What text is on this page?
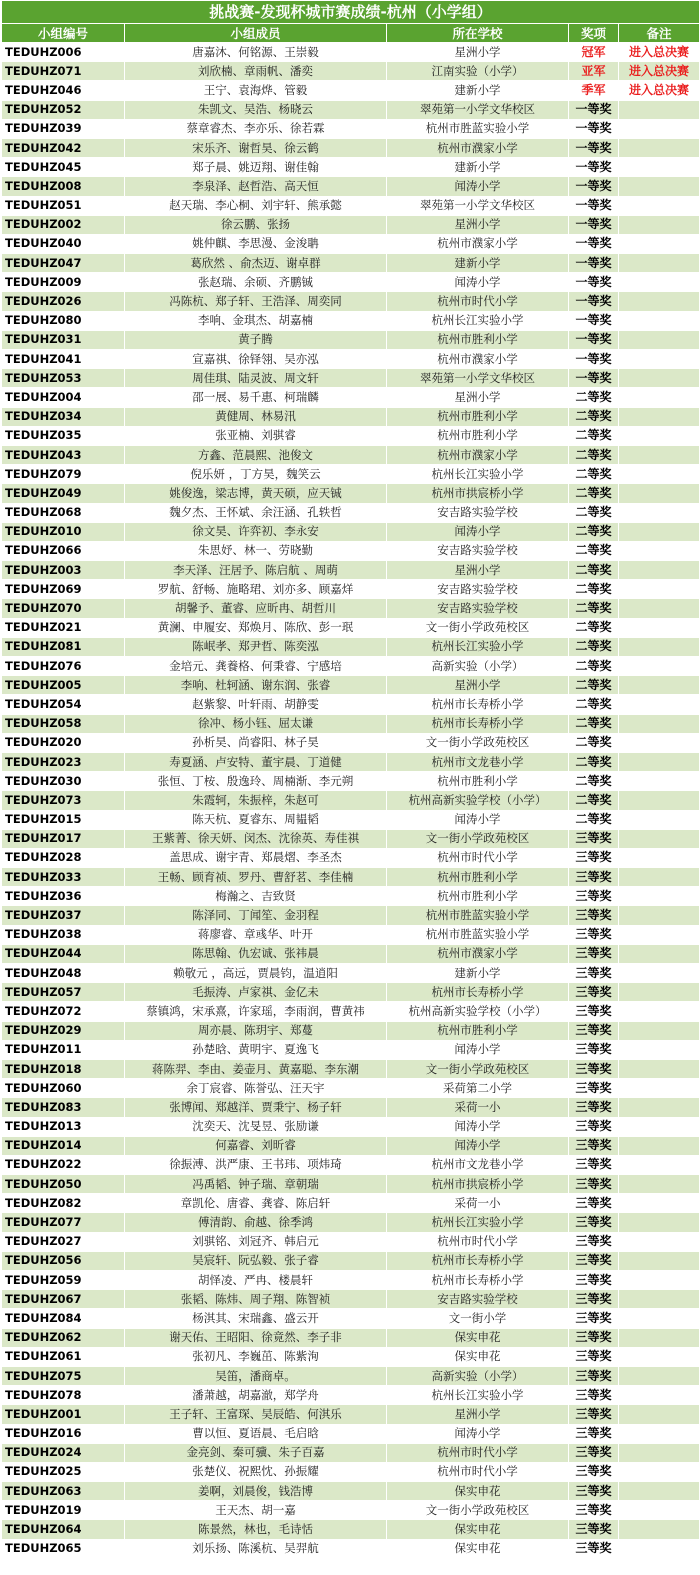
挑战赛-发现杯城市赛成绩-杭州（小学组）				
小组编号	小组成员	所在学校	奖项	备注
TEDUHZ006	唐嘉沐、何铭源、王崇毅	星洲小学	冠军	进入总决赛
TEDUHZ071	刘欣楠、章雨帆、潘奕	江南实验（小学）	亚军	进入总决赛
TEDUHZ046	王宁、袁海烨、管毅	建新小学	季军	进入总决赛
TEDUHZ052	朱凯文、吴浩、杨晓云	翠苑第一小学文华校区	一等奖	
TEDUHZ039	蔡章睿杰、李亦乐、徐若霖	杭州市胜蓝实验小学	一等奖	
TEDUHZ042	宋乐齐、谢哲昊、徐云鹤	杭州市濮家小学	一等奖	
TEDUHZ045	郑子晨、姚迈翔、谢佳翰	建新小学	一等奖	
TEDUHZ008	李泉泽、赵哲浩、高天恒	闻涛小学	一等奖	
TEDUHZ051	赵天瑞、李心桐、刘宇轩、熊承懿	翠苑第一小学文华校区	一等奖	
TEDUHZ002	徐云鹏、张扬	星洲小学	一等奖	
TEDUHZ040	姚仲麒、李思漫、金浚聃	杭州市濮家小学	一等奖	
TEDUHZ047	葛欣然 、俞杰迈、谢卓群	建新小学	一等奖	
TEDUHZ009	张赵瑞、余硕、齐鹏铖	闻涛小学	一等奖	
TEDUHZ026	冯陈杭、郑子轩、王浩泽、周奕同	杭州市时代小学	一等奖	
TEDUHZ080	李响、金琪杰、胡嘉楠	杭州长江实验小学	一等奖	
TEDUHZ031	黄子腾	杭州市胜利小学	一等奖	
TEDUHZ041	宣嘉祺、徐铎翎、吴亦泓	杭州市濮家小学	一等奖	
TEDUHZ053	周佳琪、陆灵波、周文轩	翠苑第一小学文华校区	一等奖	
TEDUHZ004	邵一展、易千惠、柯瑞麟	星洲小学	二等奖	
TEDUHZ034	黄健周、林易汛	杭州市胜利小学	二等奖	
TEDUHZ035	张亚楠、刘骐睿	杭州市胜利小学	二等奖	
TEDUHZ043	方鑫、范晨熙、池俊文	杭州市濮家小学	二等奖	
TEDUHZ079	倪乐妍 ，丁方昊，魏笑云	杭州长江实验小学	二等奖	
TEDUHZ049	姚俊逸，梁志博，黄天硕，应天铖	杭州市拱宸桥小学	二等奖	
TEDUHZ068	魏夕杰、王怀斌、余汪涵、孔轶哲	安吉路实验学校	二等奖	
TEDUHZ010	徐文昊、许弈初、李永安	闻涛小学	二等奖	
TEDUHZ066	朱思妤、林一、劳晓勤	安吉路实验学校	二等奖	
TEDUHZ003	李天泽、汪居予、陈启航 、周萌	星洲小学	二等奖	
TEDUHZ069	罗航、舒畅、施略珺、刘亦多、顾嘉烊	安吉路实验学校	二等奖	
TEDUHZ070	胡馨予、董睿、应昕冉、胡哲川	安吉路实验学校	二等奖	
TEDUHZ021	黄澜、申履安、郑焕月、陈欣、彭一珉	文一街小学政苑校区	二等奖	
TEDUHZ081	陈岷孝、郑尹哲、陈奕泓	杭州长江实验小学	二等奖	
TEDUHZ076	金培元、龚養格、何秉睿、宁感培	高新实验（小学）	二等奖	
TEDUHZ005	李响、杜轲涵、谢东润、张睿	星洲小学	二等奖	
TEDUHZ054	赵紫黎、叶轩雨、胡静雯	杭州市长寿桥小学	二等奖	
TEDUHZ058	徐冲、杨小钰、屈太谦	杭州市长寿桥小学	二等奖	
TEDUHZ020	孙析昊、尚睿阳、林子昊	文一街小学政苑校区	二等奖	
TEDUHZ023	寿夏涵、卢安特、董宇晨、丁道健	杭州市文龙巷小学	二等奖	
TEDUHZ030	张恒、丁桉、殷逸玲、周楠渐、李元朔	杭州市胜利小学	二等奖	
TEDUHZ073	朱霞轲，朱振梓，朱赵可	杭州高新实验学校（小学）	二等奖	
TEDUHZ015	陈天杭、夏睿东、周韫韬	闻涛小学	二等奖	
TEDUHZ017	王紫菁、徐天妍、闵杰、沈徐英、寿佳祺	文一街小学政苑校区	三等奖	
TEDUHZ028	盖思成、谢宇青、郑晨熠、李圣杰	杭州市时代小学	三等奖	
TEDUHZ033	王畅、顾育祯、罗丹、曹舒茗、李佳楠	杭州市胜利小学	三等奖	
TEDUHZ036	梅瀚之、吉致贤	杭州市胜利小学	三等奖	
TEDUHZ037	陈泽同、丁闻笙、金羽程	杭州市胜蓝实验小学	三等奖	
TEDUHZ038	蒋廖睿、章彧华、叶开	杭州市胜蓝实验小学	三等奖	
TEDUHZ044	陈思翰、仇宏诚、张祎晨	杭州市濮家小学	三等奖	
TEDUHZ048	赖敬元 ，高远，贾晨钧，温逍阳	建新小学	三等奖	
TEDUHZ057	毛振涛、卢家祺、金亿未	杭州市长寿桥小学	三等奖	
TEDUHZ072	蔡镇鸿，宋承熹，许家瑶，李雨润，曹黄祎	杭州高新实验学校（小学）	三等奖	
TEDUHZ029	周亦晨、陈玥宇、郑蔓	杭州市胜利小学	三等奖	
TEDUHZ011	孙楚晗、黄明宇、夏逸飞	闻涛小学	三等奖	
TEDUHZ018	蒋陈羿、李由、姜壶月、黄嘉聪、李东潮	文一街小学政苑校区	三等奖	
TEDUHZ060	余丁宸睿、陈誉弘、汪天宇	采荷第二小学	三等奖	
TEDUHZ083	张博闻、郑越洋、贾秉宁、杨子轩	采荷一小	三等奖	
TEDUHZ013	沈奕天、沈旻昱、张励谦	闻涛小学	三等奖	
TEDUHZ014	何嘉睿、刘昕睿	闻涛小学	三等奖	
TEDUHZ022	徐振溥、洪严康、王书玮、项炜琦	杭州市文龙巷小学	三等奖	
TEDUHZ050	冯禹韬、钟子瑞、章朝瑞	杭州市拱宸桥小学	三等奖	
TEDUHZ082	章凯伦、唐睿、龚睿、陈启轩	采荷一小	三等奖	
TEDUHZ077	傅清韵、俞越、徐季鸿	杭州长江实验小学	三等奖	
TEDUHZ027	刘骐铭、刘冠齐、韩启元	杭州市时代小学	三等奖	
TEDUHZ056	吴宸轩、阮弘毅、张子睿	杭州市长寿桥小学	三等奖	
TEDUHZ059	胡怿凌、严冉、楼晨轩	杭州市长寿桥小学	三等奖	
TEDUHZ067	张韬、陈炜、周子翔、陈智祯	安吉路实验学校	三等奖	
TEDUHZ084	杨淇其、宋瑞鑫、盛云开	文一街小学	三等奖	
TEDUHZ062	谢天佑、王昭阳、徐竟然、李子非	保实申花	三等奖	
TEDUHZ061	张初凡、李巍茁、陈紫洵	保实申花	三等奖	
TEDUHZ075	吴笛，潘商卓。	高新实验（小学）	三等奖	
TEDUHZ078	潘萧越，胡嘉澈，郑学舟	杭州长江实验小学	三等奖	
TEDUHZ001	王子轩、王富琛、吴辰皓、何淇乐	星洲小学	三等奖	
TEDUHZ016	曹以恒、夏语晨、毛启晗	闻涛小学	三等奖	
TEDUHZ024	金亮剑、秦可骥、朱子百嘉	杭州市时代小学	三等奖	
TEDUHZ025	张楚仪、祝熙忱、孙振耀	杭州市时代小学	三等奖	
TEDUHZ063	姜啊，刘晨俊，钱浩博	保实申花	三等奖	
TEDUHZ019	王天杰、胡一嘉	文一街小学政苑校区	三等奖	
TEDUHZ064	陈景然，林也，毛诗恬	保实申花	三等奖	
TEDUHZ065	刘乐扬、陈溪杭、吴羿航	保实申花	三等奖	
